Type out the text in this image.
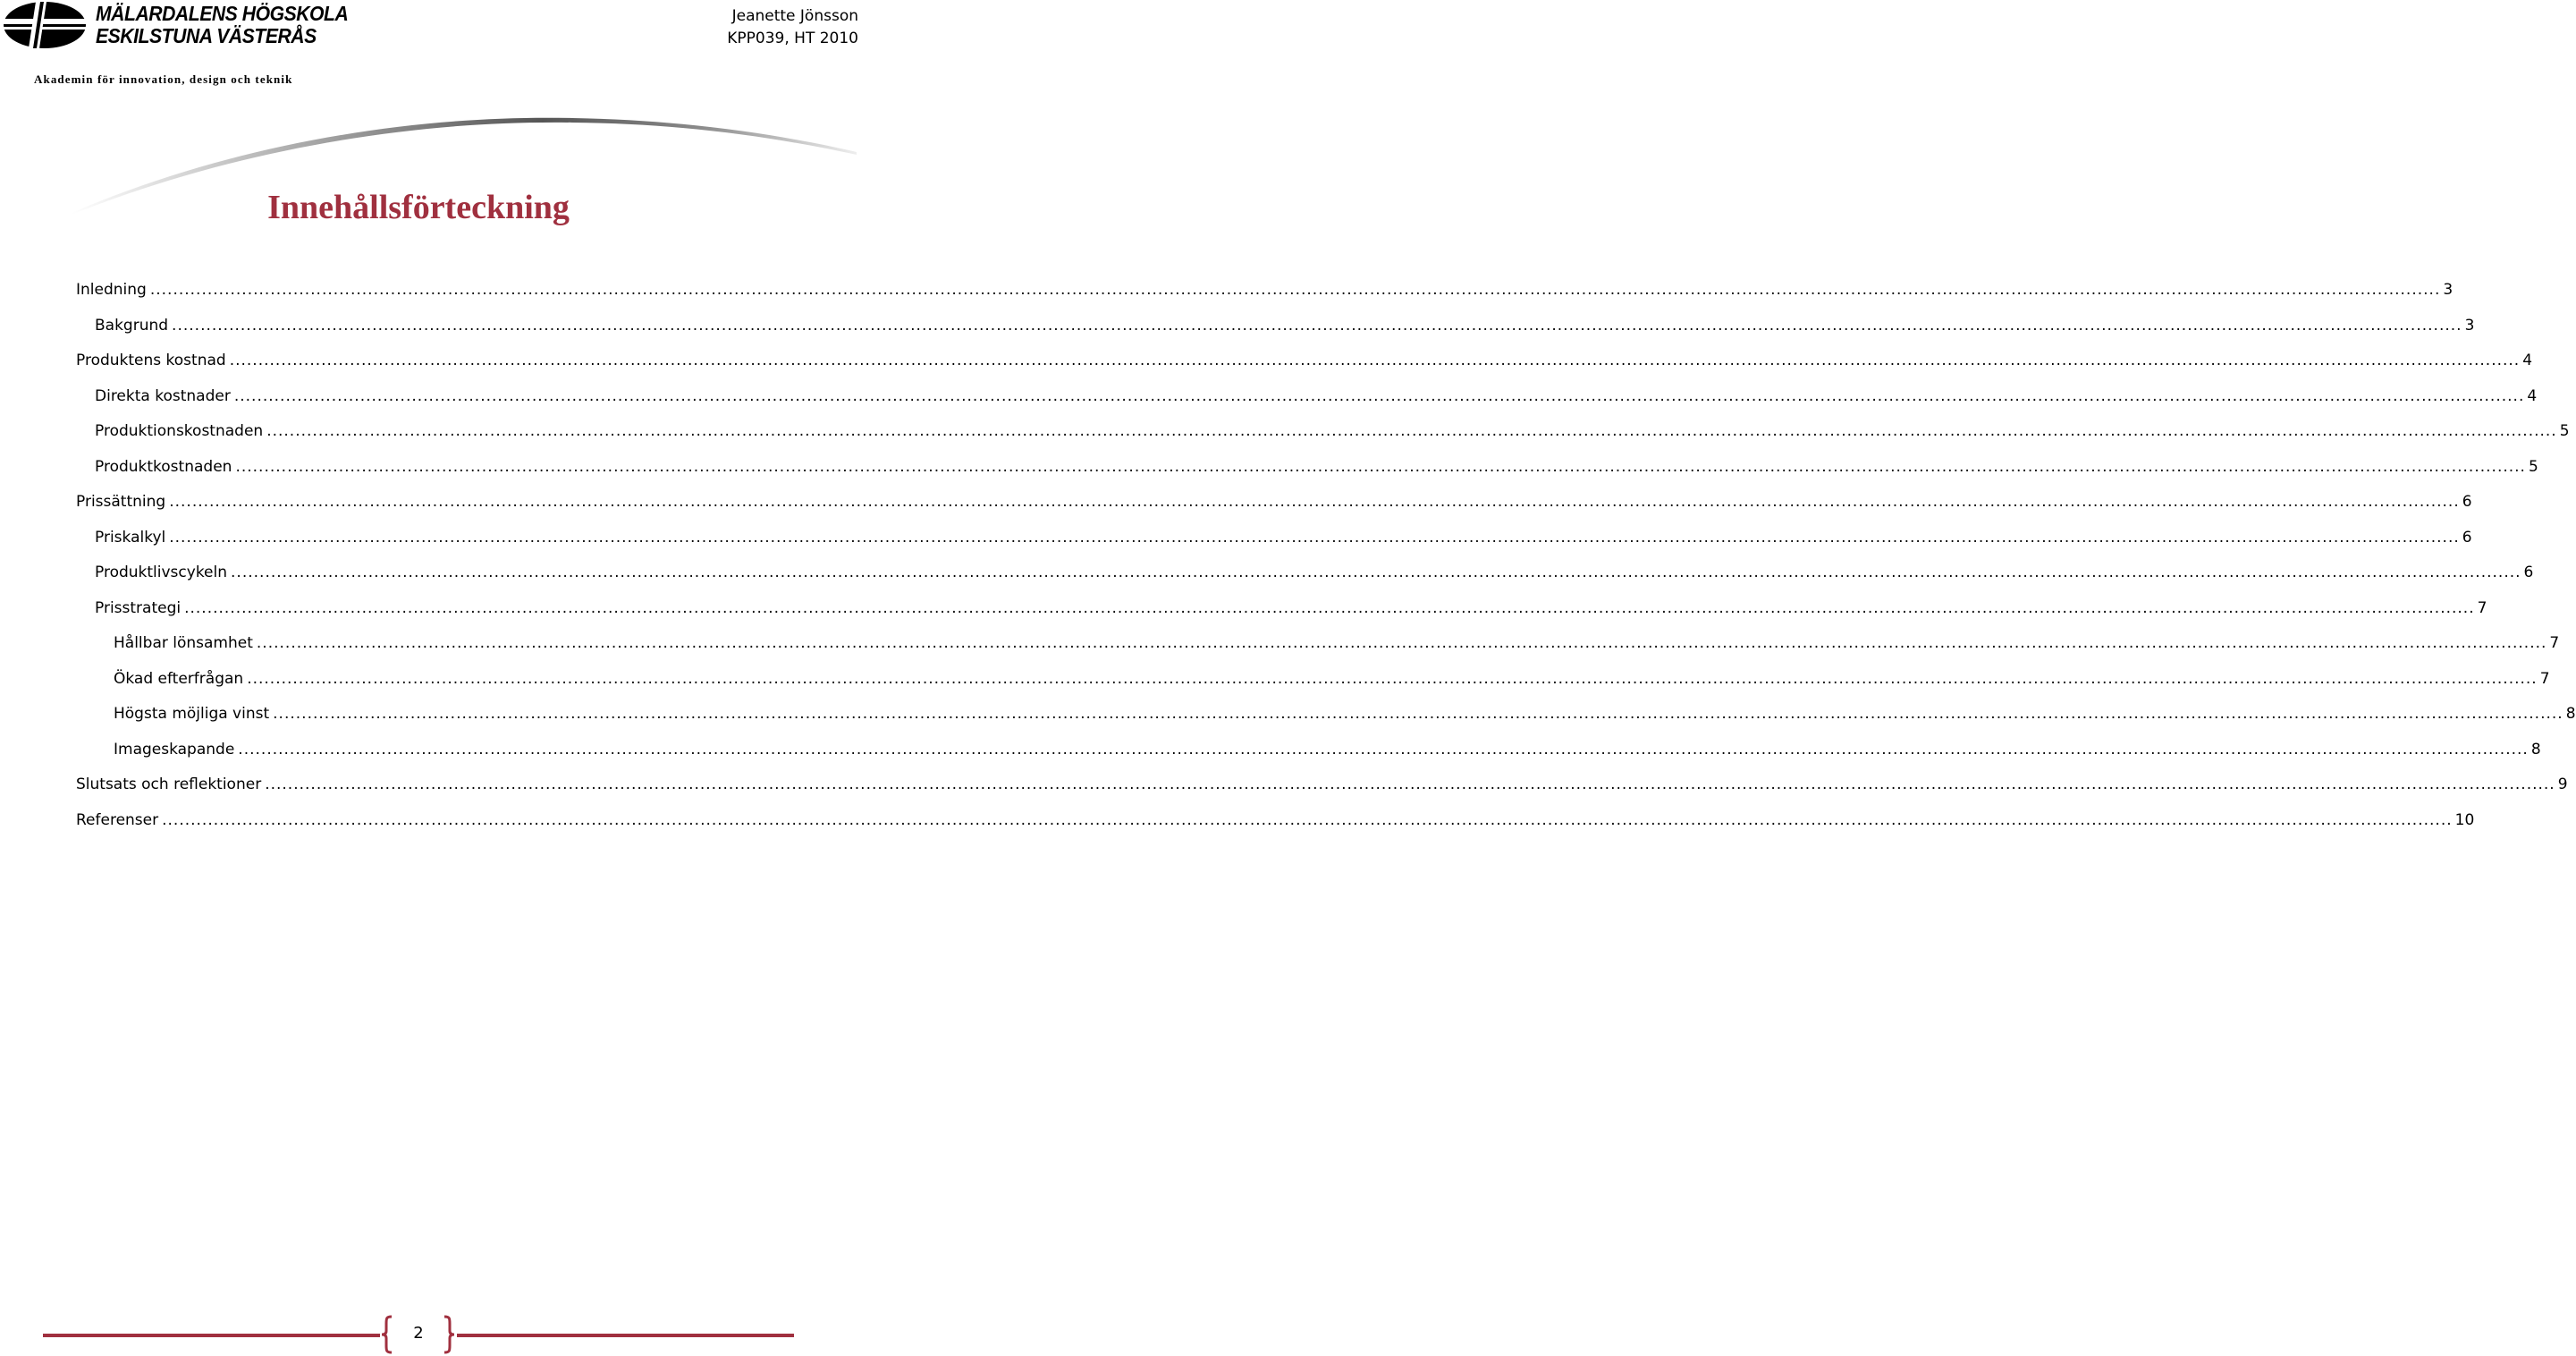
MÄLARDALENS HÖGSKOLA
ESKILSTUNA VÄSTERÅS
Jeanette Jönsson
KPP039, HT 2010
Akademin för innovation, design och teknik
Innehållsförteckning
Inledning ................................................................................................................................................................................................................................................................................................................................................................................................................ 3
Bakgrund ................................................................................................................................................................................................................................................................................................................................................................................................................ 3
Produktens kostnad ................................................................................................................................................................................................................................................................................................................................................................................................................ 4
Direkta kostnader ................................................................................................................................................................................................................................................................................................................................................................................................................ 4
Produktionskostnaden ................................................................................................................................................................................................................................................................................................................................................................................................................ 5
Produktkostnaden ................................................................................................................................................................................................................................................................................................................................................................................................................ 5
Prissättning ................................................................................................................................................................................................................................................................................................................................................................................................................ 6
Priskalkyl ................................................................................................................................................................................................................................................................................................................................................................................................................ 6
Produktlivscykeln ................................................................................................................................................................................................................................................................................................................................................................................................................ 6
Prisstrategi ................................................................................................................................................................................................................................................................................................................................................................................................................ 7
Hållbar lönsamhet ................................................................................................................................................................................................................................................................................................................................................................................................................ 7
Ökad efterfrågan ................................................................................................................................................................................................................................................................................................................................................................................................................ 7
Högsta möjliga vinst ................................................................................................................................................................................................................................................................................................................................................................................................................ 8
Imageskapande ................................................................................................................................................................................................................................................................................................................................................................................................................ 8
Slutsats och reflektioner ................................................................................................................................................................................................................................................................................................................................................................................................................ 9
Referenser ................................................................................................................................................................................................................................................................................................................................................................................................................ 10
2
